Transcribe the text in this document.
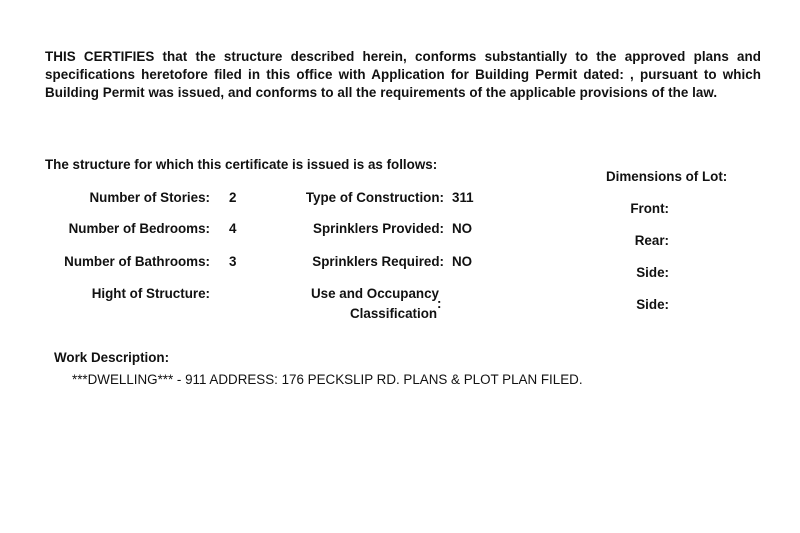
THIS CERTIFIES that the structure described herein, conforms substantially to the approved plans and specifications heretofore filed in this office with Application for Building Permit dated: , pursuant to which Building Permit was issued, and conforms to all the requirements of the applicable provisions of the law.
The structure for which this certificate is issued is as follows:
Number of Stories: 2
Number of Bedrooms: 4
Number of Bathrooms: 3
Hight of Structure:
Type of Construction: 311
Sprinklers Provided: NO
Sprinklers Required: NO
Use and Occupancy
Classification
:
Dimensions of Lot:
Front:
Rear:
Side:
Side:
Work Description:
***DWELLING*** - 911 ADDRESS: 176 PECKSLIP RD. PLANS & PLOT PLAN FILED.
